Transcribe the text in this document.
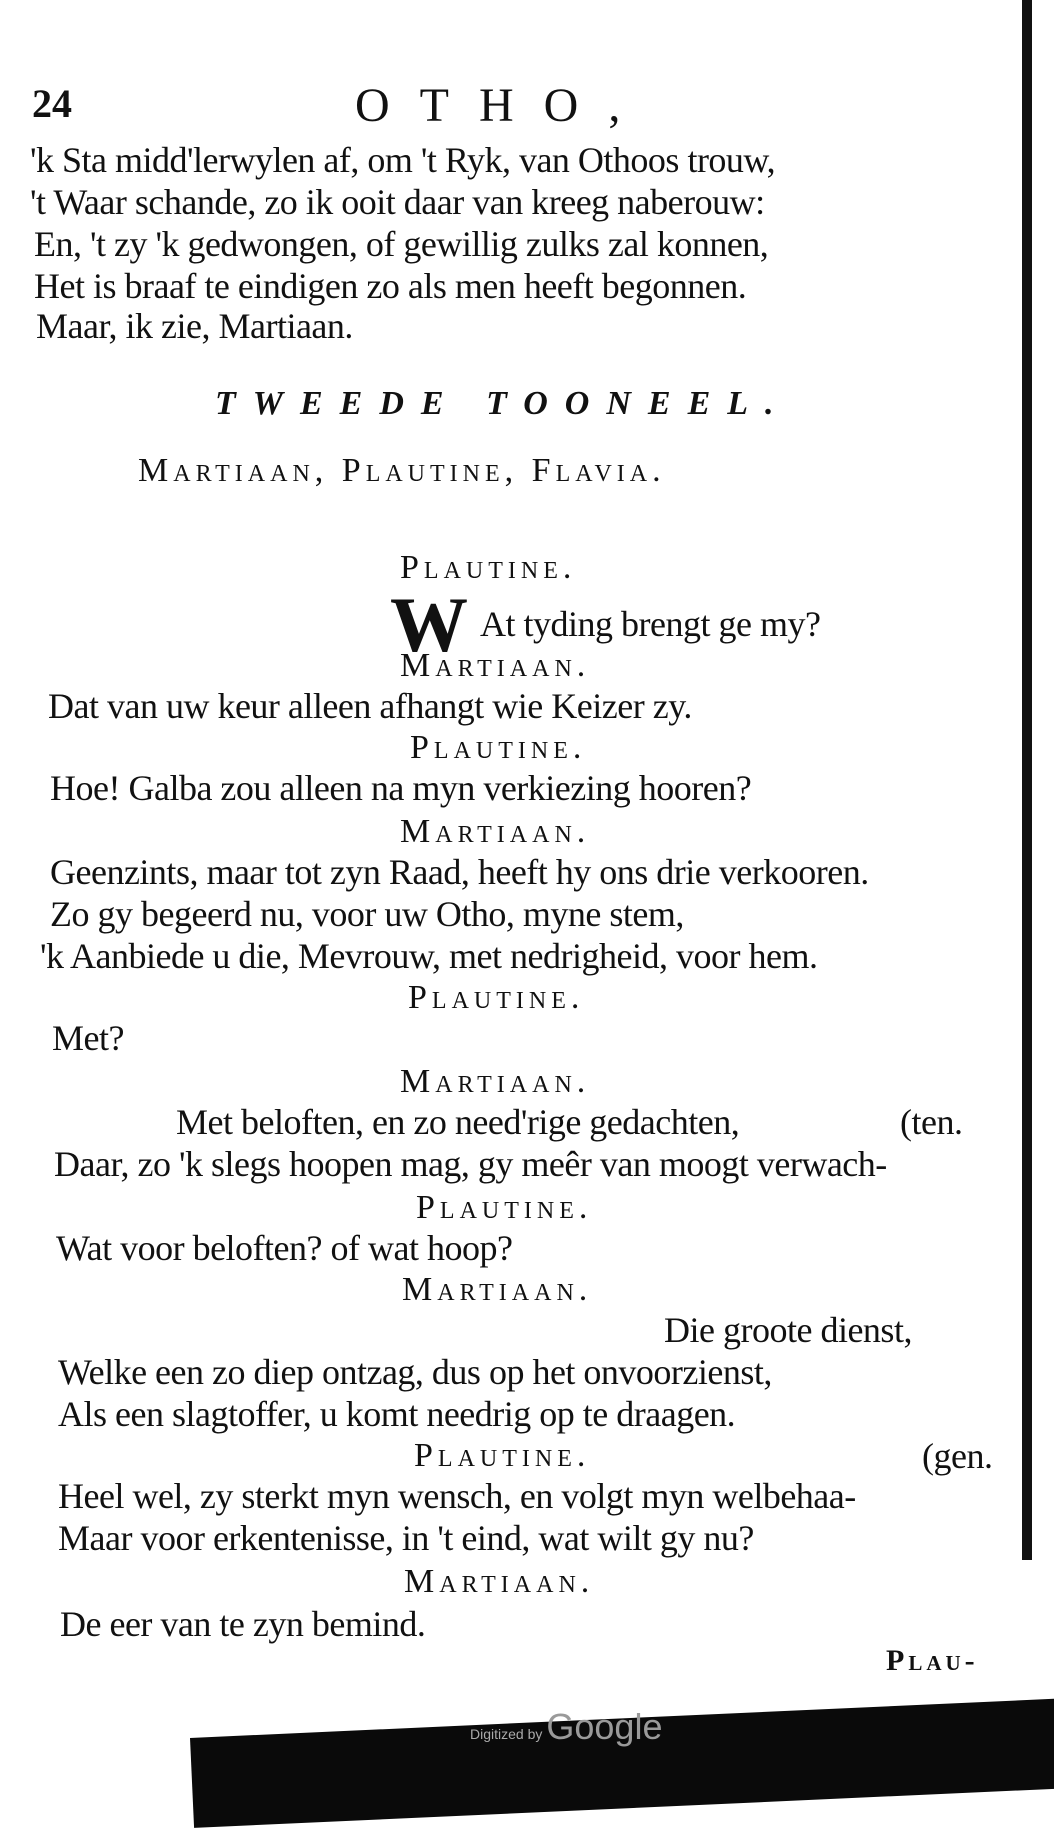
24	OTHO,
'k Sta midd'lerwylen af, om 't Ryk, van Othoos trouw,
't Waar schande, zo ik ooit daar van kreeg naberouw:
En, 't zy 'k gedwongen, of gewillig zulks zal konnen,
Het is braaf te eindigen zo als men heeft begonnen.
Maar, ik zie, Martiaan.
TWEEDE TOONEEL.
Martiaan, Plautine, Flavia.
Plautine.
W At tyding brengt ge my?
Martiaan.
Dat van uw keur alleen afhangt wie Keizer zy.
Plautine.
Hoe! Galba zou alleen na myn verkiezing hooren?
Martiaan.
Geenzints, maar tot zyn Raad, heeft hy ons drie verkooren.
Zo gy begeerd nu, voor uw Otho, myne stem,
'k Aanbiede u die, Mevrouw, met nedrigheid, voor hem.
Plautine.
Met?
Martiaan.
Met beloften, en zo need'rige gedachten,	(ten.
Daar, zo 'k slegs hoopen mag, gy meêr van moogt verwach-
Plautine.
Wat voor beloften? of wat hoop?
Martiaan.
Die groote dienst,
Welke een zo diep ontzag, dus op het onvoorzienst,
Als een slagtoffer, u komt needrig op te draagen.
Plautine.	(gen.
Heel wel, zy sterkt myn wensch, en volgt myn welbehaa-
Maar voor erkentenisse, in 't eind, wat wilt gy nu?
Martiaan.
De eer van te zyn bemind.
Plau-
Digitized by Google
